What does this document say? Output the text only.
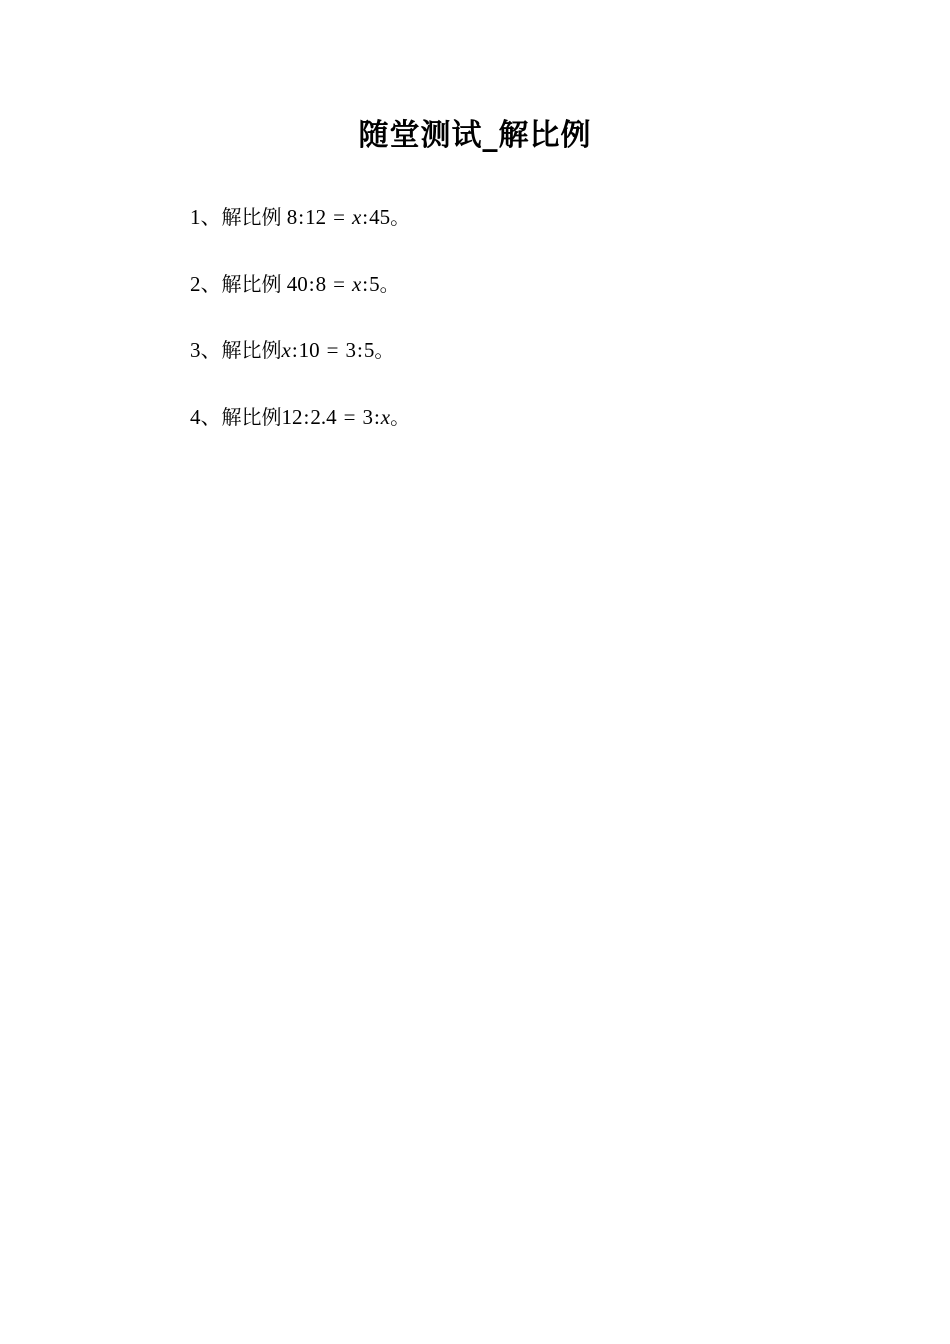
随堂测试_解比例
1、解比例 8:12 = x:45。
2、解比例 40:8 = x:5。
3、解比例x:10 = 3:5。
4、解比例12:2.4 = 3:x。
